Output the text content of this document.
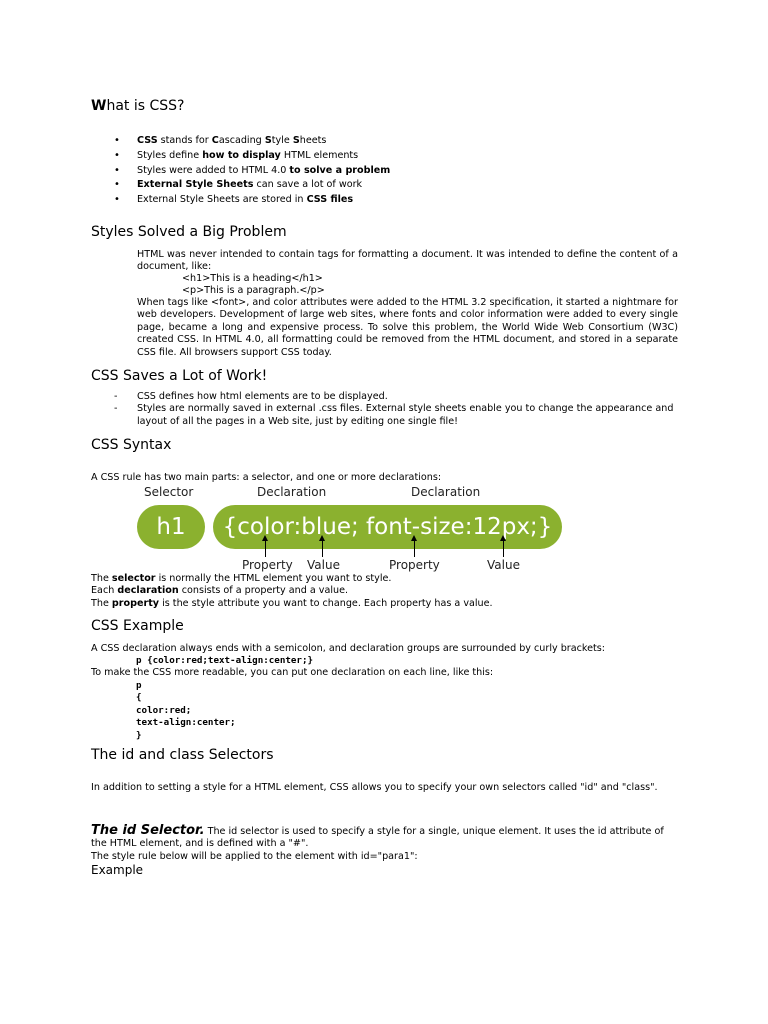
What is CSS?
• CSS stands for Cascading Style Sheets
• Styles define how to display HTML elements
• Styles were added to HTML 4.0 to solve a problem
• External Style Sheets can save a lot of work
• External Style Sheets are stored in CSS files
Styles Solved a Big Problem
HTML was never intended to contain tags for formatting a document. It was intended to define the content of a document, like:
<h1>This is a heading</h1>
<p>This is a paragraph.</p>
When tags like <font>, and color attributes were added to the HTML 3.2 specification, it started a nightmare for web developers. Development of large web sites, where fonts and color information were added to every single page, became a long and expensive process. To solve this problem, the World Wide Web Consortium (W3C) created CSS. In HTML 4.0, all formatting could be removed from the HTML document, and stored in a separate CSS file. All browsers support CSS today.
CSS Saves a Lot of Work!
- CSS defines how html elements are to be displayed.
- Styles are normally saved in external .css files. External style sheets enable you to change the appearance and layout of all the pages in a Web site, just by editing one single file!
CSS Syntax
A CSS rule has two main parts: a selector, and one or more declarations:
Selector	Declaration	Declaration
h1	{color:blue; font-size:12px;}
Property Value	Property	Value
The selector is normally the HTML element you want to style.
Each declaration consists of a property and a value.
The property is the style attribute you want to change. Each property has a value.
CSS Example
A CSS declaration always ends with a semicolon, and declaration groups are surrounded by curly brackets:
p {color:red;text-align:center;}
To make the CSS more readable, you can put one declaration on each line, like this:
p
{
color:red;
text-align:center;
}
The id and class Selectors
In addition to setting a style for a HTML element, CSS allows you to specify your own selectors called "id" and "class".
The id Selector. The id selector is used to specify a style for a single, unique element. It uses the id attribute of the HTML element, and is defined with a "#".
The style rule below will be applied to the element with id="para1":
Example
